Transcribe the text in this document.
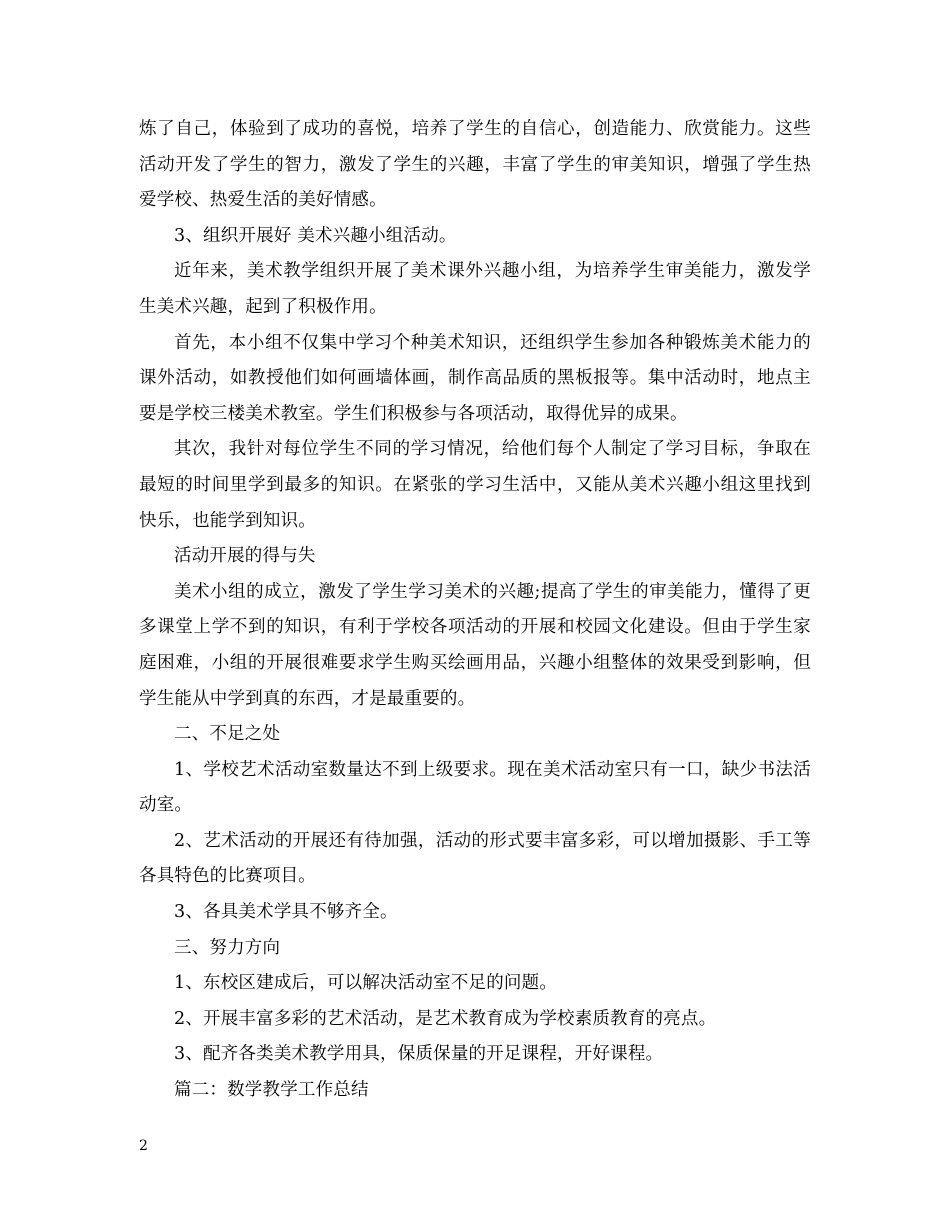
炼了自己，体验到了成功的喜悦，培养了学生的自信心，创造能力、欣赏能力。这些活动开发了学生的智力，激发了学生的兴趣，丰富了学生的审美知识，增强了学生热爱学校、热爱生活的美好情感。

3、组织开展好 美术兴趣小组活动。

近年来，美术教学组织开展了美术课外兴趣小组，为培养学生审美能力，激发学生美术兴趣，起到了积极作用。

首先，本小组不仅集中学习个种美术知识，还组织学生参加各种锻炼美术能力的课外活动，如教授他们如何画墙体画，制作高品质的黑板报等。集中活动时，地点主要是学校三楼美术教室。学生们积极参与各项活动，取得优异的成果。

其次，我针对每位学生不同的学习情况，给他们每个人制定了学习目标，争取在最短的时间里学到最多的知识。在紧张的学习生活中，又能从美术兴趣小组这里找到快乐，也能学到知识。

活动开展的得与失

美术小组的成立，激发了学生学习美术的兴趣;提高了学生的审美能力，懂得了更多课堂上学不到的知识，有利于学校各项活动的开展和校园文化建设。但由于学生家庭困难，小组的开展很难要求学生购买绘画用品，兴趣小组整体的效果受到影响，但学生能从中学到真的东西，才是最重要的。

二、不足之处

1、学校艺术活动室数量达不到上级要求。现在美术活动室只有一口，缺少书法活动室。

2、艺术活动的开展还有待加强，活动的形式要丰富多彩，可以增加摄影、手工等各具特色的比赛项目。

3、各具美术学具不够齐全。

三、努力方向

1、东校区建成后，可以解决活动室不足的问题。

2、开展丰富多彩的艺术活动，是艺术教育成为学校素质教育的亮点。

3、配齐各类美术教学用具，保质保量的开足课程，开好课程。

篇二：数学教学工作总结

2
